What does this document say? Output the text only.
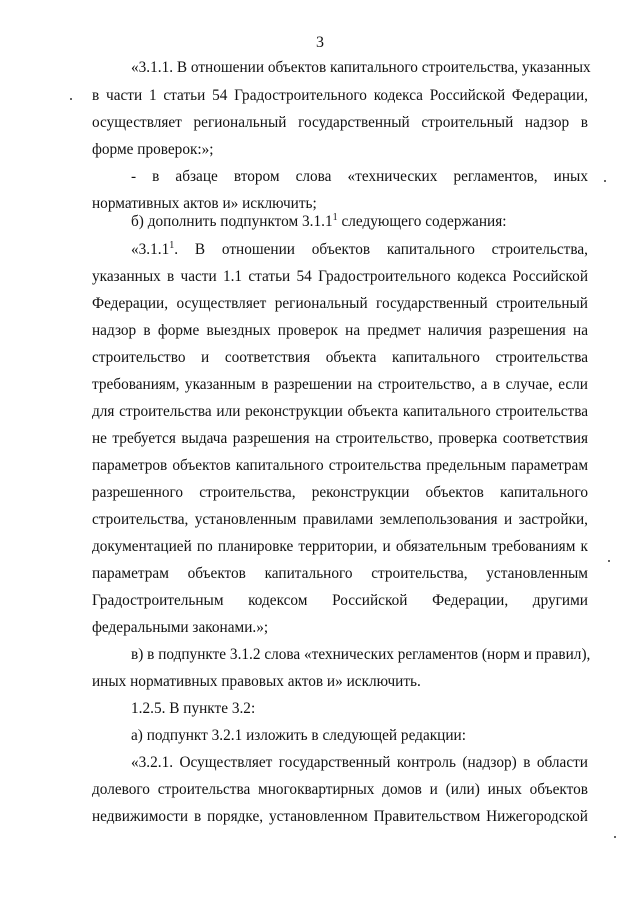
3
«3.1.1. В отношении объектов капитального строительства, указанных
в части 1 статьи 54 Градостроительного кодекса Российской Федерации,
осуществляет региональный государственный строительный надзор в
форме проверок:»;
- в абзаце втором слова «технических регламентов, иных
нормативных актов и» исключить;
б) дополнить подпунктом 3.1.1$^1$ следующего содержания:
«3.1.1$^1$. В отношении объектов капитального строительства,
указанных в части 1.1 статьи 54 Градостроительного кодекса Российской
Федерации, осуществляет региональный государственный строительный
надзор в форме выездных проверок на предмет наличия разрешения на
строительство и соответствия объекта капитального строительства
требованиям, указанным в разрешении на строительство, а в случае, если
для строительства или реконструкции объекта капитального строительства
не требуется выдача разрешения на строительство, проверка соответствия
параметров объектов капитального строительства предельным параметрам
разрешенного строительства, реконструкции объектов капитального
строительства, установленным правилами землепользования и застройки,
документацией по планировке территории, и обязательным требованиям к
параметрам объектов капитального строительства, установленным
Градостроительным кодексом Российской Федерации, другими
федеральными законами.»;
в) в подпункте 3.1.2 слова «технических регламентов (норм и правил),
иных нормативных правовых актов и» исключить.
1.2.5. В пункте 3.2:
а) подпункт 3.2.1 изложить в следующей редакции:
«3.2.1. Осуществляет государственный контроль (надзор) в области
долевого строительства многоквартирных домов и (или) иных объектов
недвижимости в порядке, установленном Правительством Нижегородской
